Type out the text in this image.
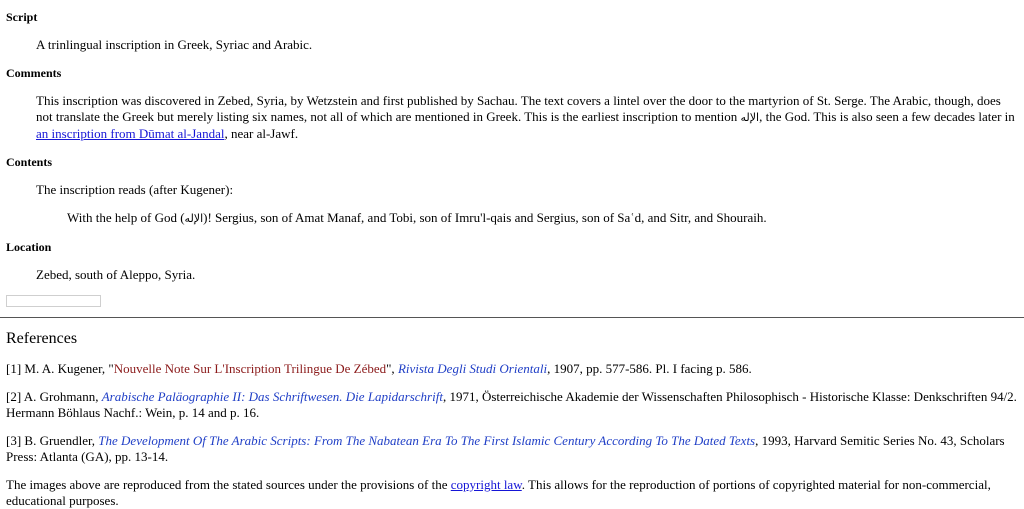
Script

A trinlingual inscription in Greek, Syriac and Arabic.

Comments

This inscription was discovered in Zebed, Syria, by Wetzstein and first published by Sachau. The text covers a lintel over the door to the martyrion of St. Serge. The Arabic, though, does not translate the Greek but merely listing six names, not all of which are mentioned in Greek. This is the earliest inscription to mention الإله, the God. This is also seen a few decades later in an inscription from Dūmat al-Jandal, near al-Jawf.

Contents

The inscription reads (after Kugener):

With the help of God (الإله)! Sergius, son of Amat Manaf, and Tobi, son of Imru'l-qais and Sergius, son of Saʿd, and Sitr, and Shouraih.

Location

Zebed, south of Aleppo, Syria.

References

[1] M. A. Kugener, "Nouvelle Note Sur L'Inscription Trilingue De Zébed", Rivista Degli Studi Orientali, 1907, pp. 577-586. Pl. I facing p. 586.

[2] A. Grohmann, Arabische Paläographie II: Das Schriftwesen. Die Lapidarschrift, 1971, Österreichische Akademie der Wissenschaften Philosophisch - Historische Klasse: Denkschriften 94/2. Hermann Böhlaus Nachf.: Wein, p. 14 and p. 16.

[3] B. Gruendler, The Development Of The Arabic Scripts: From The Nabatean Era To The First Islamic Century According To The Dated Texts, 1993, Harvard Semitic Series No. 43, Scholars Press: Atlanta (GA), pp. 13-14.

The images above are reproduced from the stated sources under the provisions of the copyright law. This allows for the reproduction of portions of copyrighted material for non-commercial, educational purposes.
